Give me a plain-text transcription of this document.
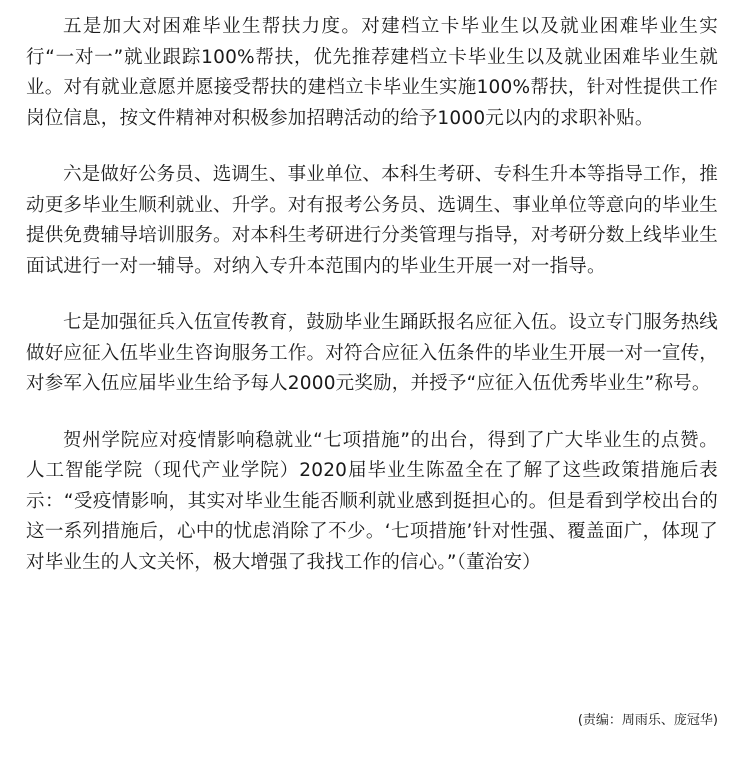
五是加大对困难毕业生帮扶力度。对建档立卡毕业生以及就业困难毕业生实行“一对一”就业跟踪100%帮扶，优先推荐建档立卡毕业生以及就业困难毕业生就业。对有就业意愿并愿接受帮扶的建档立卡毕业生实施100%帮扶，针对性提供工作岗位信息，按文件精神对积极参加招聘活动的给予1000元以内的求职补贴。

六是做好公务员、选调生、事业单位、本科生考研、专科生升本等指导工作，推动更多毕业生顺利就业、升学。对有报考公务员、选调生、事业单位等意向的毕业生提供免费辅导培训服务。对本科生考研进行分类管理与指导，对考研分数上线毕业生面试进行一对一辅导。对纳入专升本范围内的毕业生开展一对一指导。

七是加强征兵入伍宣传教育，鼓励毕业生踊跃报名应征入伍。设立专门服务热线做好应征入伍毕业生咨询服务工作。对符合应征入伍条件的毕业生开展一对一宣传，对参军入伍应届毕业生给予每人2000元奖励，并授予“应征入伍优秀毕业生”称号。

贺州学院应对疫情影响稳就业“七项措施”的出台，得到了广大毕业生的点赞。人工智能学院（现代产业学院）2020届毕业生陈盈全在了解了这些政策措施后表示：“受疫情影响，其实对毕业生能否顺利就业感到挺担心的。但是看到学校出台的这一系列措施后，心中的忧虑消除了不少。‘七项措施’针对性强、覆盖面广，体现了对毕业生的人文关怀，极大增强了我找工作的信心。”（董治安）

(责编：周雨乐、庞冠华)
